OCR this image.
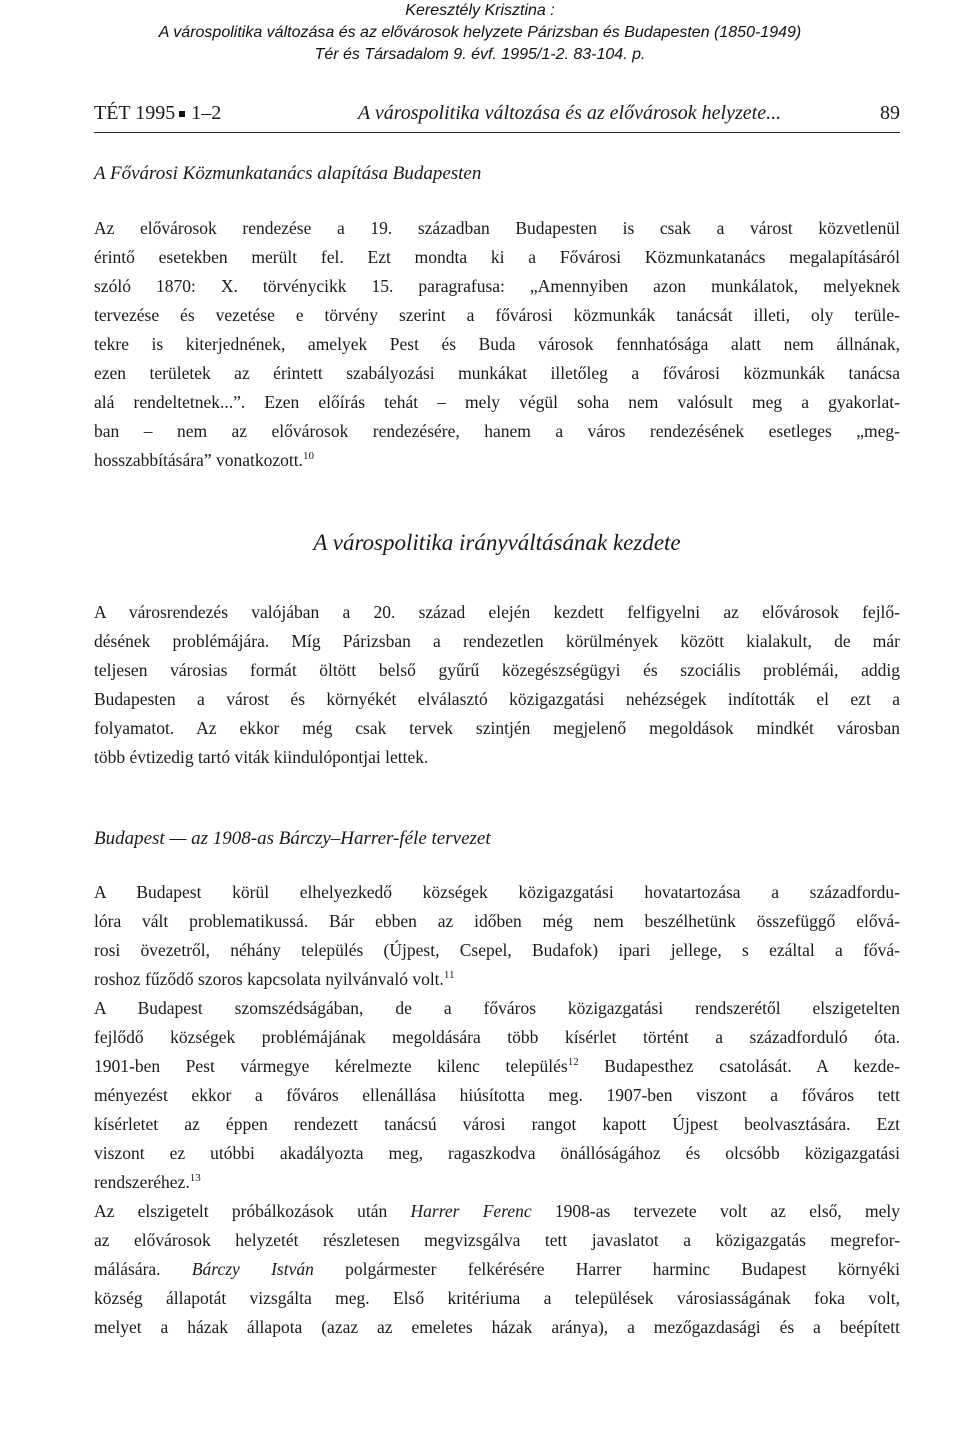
Keresztély Krisztina :
A várospolitika változása és az elővárosok helyzete Párizsban és Budapesten (1850-1949)
Tér és Társadalom 9. évf. 1995/1-2. 83-104. p.
TÉT 1995 1–2	A várospolitika változása és az elővárosok helyzete...	89
A Fővárosi Közmunkatanács alapítása Budapesten
Az elővárosok rendezése a 19. században Budapesten is csak a várost közvetlenül
érintő esetekben merült fel. Ezt mondta ki a Fővárosi Közmunkatanács megalapításáról
szóló 1870: X. törvénycikk 15. paragrafusa: „Amennyiben azon munkálatok, melyeknek
tervezése és vezetése e törvény szerint a fővárosi közmunkák tanácsát illeti, oly terüle-
tekre is kiterjednének, amelyek Pest és Buda városok fennhatósága alatt nem állnának,
ezen területek az érintett szabályozási munkákat illetőleg a fővárosi közmunkák tanácsa
alá rendeltetnek...”. Ezen előírás tehát – mely végül soha nem valósult meg a gyakorlat-
ban – nem az elővárosok rendezésére, hanem a város rendezésének esetleges „meg-
hosszabbítására” vonatkozott.$^{10}$
A várospolitika irányváltásának kezdete
A városrendezés valójában a 20. század elején kezdett felfigyelni az elővárosok fejlő-
désének problémájára. Míg Párizsban a rendezetlen körülmények között kialakult, de már
teljesen városias formát öltött belső gyűrű közegészségügyi és szociális problémái, addig
Budapesten a várost és környékét elválasztó közigazgatási nehézségek indították el ezt a
folyamatot. Az ekkor még csak tervek szintjén megjelenő megoldások mindkét városban
több évtizedig tartó viták kiindulópontjai lettek.
Budapest — az 1908-as Bárczy–Harrer-féle tervezet
A Budapest körül elhelyezkedő községek közigazgatási hovatartozása a századfordu-
lóra vált problematikussá. Bár ebben az időben még nem beszélhetünk összefüggő elővá-
rosi övezetről, néhány település (Újpest, Csepel, Budafok) ipari jellege, s ezáltal a fővá-
roshoz fűződő szoros kapcsolata nyilvánvaló volt.$^{11}$
A Budapest szomszédságában, de a főváros közigazgatási rendszerétől elszigetelten
fejlődő községek problémájának megoldására több kísérlet történt a századforduló óta.
1901-ben Pest vármegye kérelmezte kilenc település$^{12}$ Budapesthez csatolását. A kezde-
ményezést ekkor a főváros ellenállása hiúsította meg. 1907-ben viszont a főváros tett
kísérletet az éppen rendezett tanácsú városi rangot kapott Újpest beolvasztására. Ezt
viszont ez utóbbi akadályozta meg, ragaszkodva önállóságához és olcsóbb közigazgatási
rendszeréhez.$^{13}$
Az elszigetelt próbálkozások után Harrer Ferenc 1908-as tervezete volt az első, mely
az elővárosok helyzetét részletesen megvizsgálva tett javaslatot a közigazgatás megrefor-
málására. Bárczy István polgármester felkérésére Harrer harminc Budapest környéki
község állapotát vizsgálta meg. Első kritériuma a települések városiasságának foka volt,
melyet a házak állapota (azaz az emeletes házak aránya), a mezőgazdasági és a beépített
